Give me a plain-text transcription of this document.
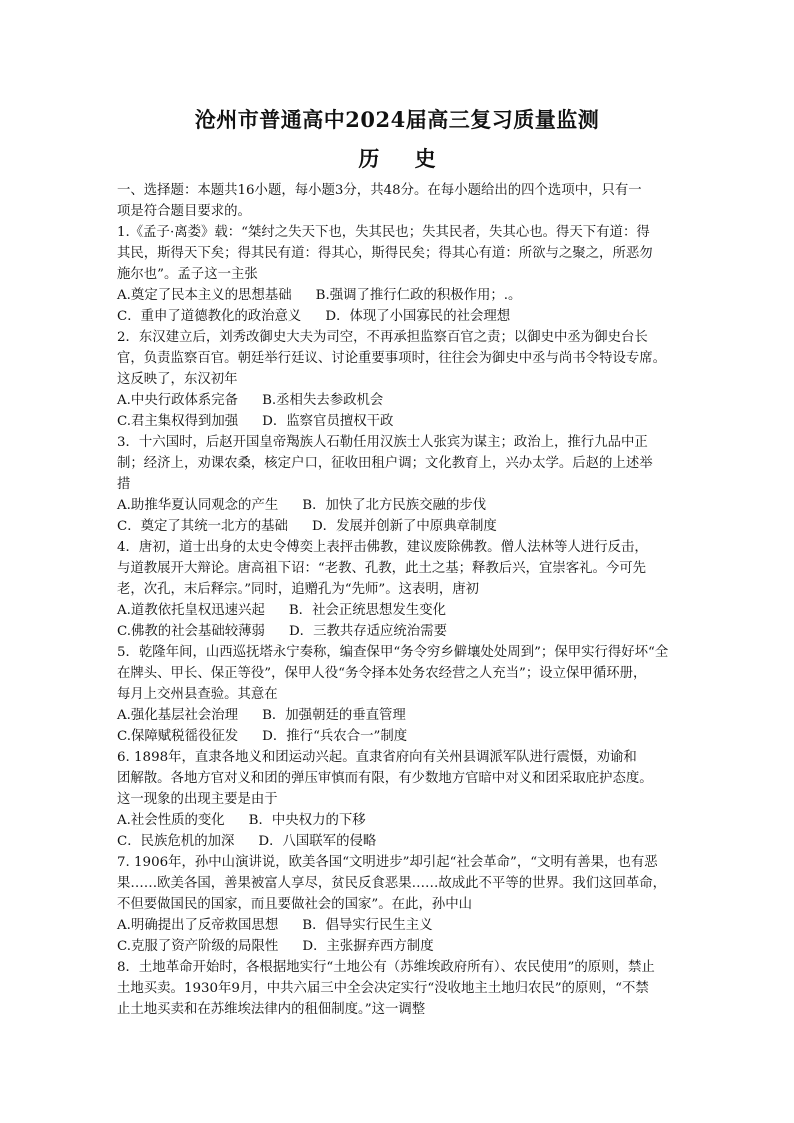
沧州市普通高中2024届高三复习质量监测
历 史
一、选择题：本题共16小题，每小题3分，共48分。在每小题给出的四个选项中，只有一
项是符合题目要求的。
1.《孟子·离娄》载：“桀纣之失天下也，失其民也；失其民者，失其心也。得天下有道：得
其民，斯得天下矣；得其民有道：得其心，斯得民矣；得其心有道：所欲与之聚之，所恶勿
施尔也”。孟子这一主张
A.奠定了民本主义的思想基础 B.强调了推行仁政的积极作用；.。
C．重申了道德教化的政治意义 D．体现了小国寡民的社会理想
2．东汉建立后，刘秀改御史大夫为司空，不再承担监察百官之责；以御史中丞为御史台长
官，负责监察百官。朝廷举行廷议、讨论重要事项时，往往会为御史中丞与尚书令特设专席。
这反映了，东汉初年
A.中央行政体系完备 B.丞相失去参政机会
C.君主集权得到加强 D．监察官员擅权干政
3．十六国时，后赵开国皇帝羯族人石勒任用汉族士人张宾为谋主；政治上，推行九品中正
制；经济上，劝课农桑，核定户口，征收田租户调；文化教育上，兴办太学。后赵的上述举
措
A.助推华夏认同观念的产生 B．加快了北方民族交融的步伐
C．奠定了其统一北方的基础 D．发展并创新了中原典章制度
4．唐初，道士出身的太史令傅奕上表抨击佛教，建议废除佛教。僧人法林等人进行反击，
与道教展开大辩论。唐高祖下诏：“老教、孔教，此土之基；释教后兴，宜崇客礼。今可先
老，次孔，末后释宗。”同时，追赠孔为“先师”。这表明，唐初
A.道教依托皇权迅速兴起 B．社会正统思想发生变化
C.佛教的社会基础较薄弱 D．三教共存适应统治需要
5．乾隆年间，山西巡抚塔永宁奏称，编查保甲“务令穷乡僻壤处处周到”；保甲实行得好坏“全
在牌头、甲长、保正等役”，保甲人役“务令择本处务农经营之人充当”；设立保甲循环册，
每月上交州县查验。其意在
A.强化基层社会治理 B．加强朝廷的垂直管理
C.保障赋税徭役征发 D．推行“兵农合一”制度
6. 1898年，直隶各地义和团运动兴起。直隶省府向有关州县调派军队进行震慑，劝谕和
团解散。各地方官对义和团的弹压审慎而有限，有少数地方官暗中对义和团采取庇护态度。
这一现象的出现主要是由于
A.社会性质的变化 B．中央权力的下移
C．民族危机的加深 D．八国联军的侵略
7. 1906年，孙中山演讲说，欧美各国“文明进步”却引起“社会革命”，“文明有善果，也有恶
果……欧美各国，善果被富人享尽，贫民反食恶果……故成此不平等的世界。我们这回革命，
不但要做国民的国家，而且要做社会的国家”。在此，孙中山
A.明确提出了反帝救国思想 B．倡导实行民生主义
C.克服了资产阶级的局限性 D．主张摒弃西方制度
8．土地革命开始时，各根据地实行“土地公有（苏维埃政府所有）、农民使用”的原则，禁止
土地买卖。1930年9月，中共六届三中全会决定实行“没收地主土地归农民”的原则，“不禁
止土地买卖和在苏维埃法律内的租佃制度。”这一调整
